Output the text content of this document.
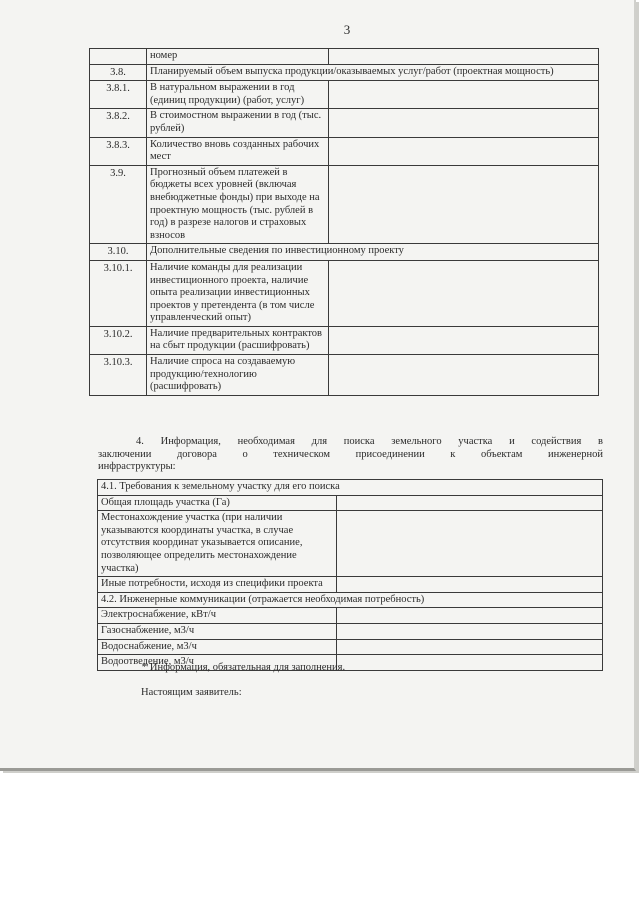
3
	номер	
3.8.	Планируемый объем выпуска продукции/оказываемых услуг/работ (проектная мощность)	
3.8.1.	В натуральном выражении в год (единиц продукции) (работ, услуг)	
3.8.2.	В стоимостном выражении в год (тыс. рублей)	
3.8.3.	Количество вновь созданных рабочих мест	
3.9.	Прогнозный объем платежей в бюджеты всех уровней (включая внебюджетные фонды) при выходе на проектную мощность (тыс. рублей в год) в разрезе налогов и страховых взносов	
3.10.	Дополнительные сведения по инвестиционному проекту	
3.10.1.	Наличие команды для реализации инвестиционного проекта, наличие опыта реализации инвестиционных проектов у претендента (в том числе управленческий опыт)	
3.10.2.	Наличие предварительных контрактов на сбыт продукции (расшифровать)	
3.10.3.	Наличие спроса на создаваемую продукцию/технологию (расшифровать)	
4. Информация, необходимая для поиска земельного участка и содействия в
заключении договора о техническом присоединении к объектам инженерной
инфраструктуры:
4.1. Требования к земельному участку для его поиска	
Общая площадь участка (Га)	
Местонахождение участка (при наличии указываются координаты участка, в случае отсутствия координат указывается описание, позволяющее определить местонахождение участка)	
Иные потребности, исходя из специфики проекта	
4.2. Инженерные коммуникации (отражается необходимая потребность)	
Электроснабжение, кВт/ч	
Газоснабжение, м3/ч	
Водоснабжение, м3/ч	
Водоотведение, м3/ч	
* Информация, обязательная для заполнения.
Настоящим заявитель:
